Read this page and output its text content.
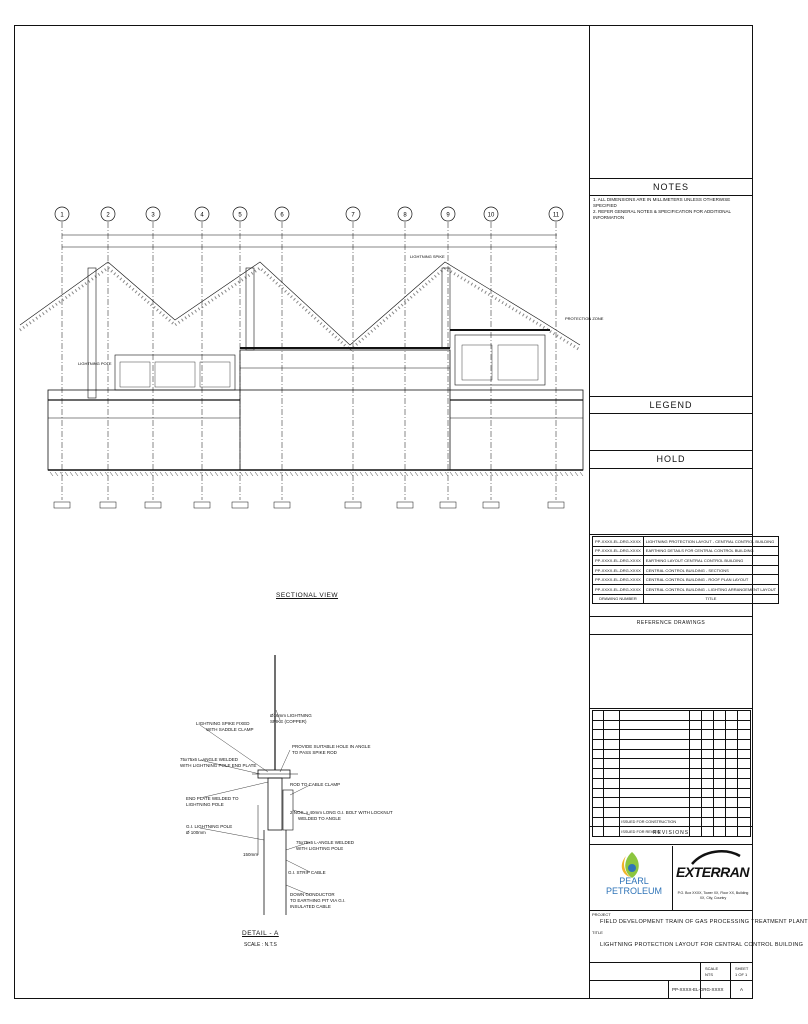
NOTES
1. ALL DIMENSIONS ARE IN MILLIMETERS UNLESS OTHERWISE SPECIFIED
2. REFER GENERAL NOTES & SPECIFICATION FOR ADDITIONAL INFORMATION
LEGEND
HOLD
PP-XXXX-EL-DRG-XXXX	LIGHTNING PROTECTION LAYOUT - CENTRAL CONTROL BUILDING
PP-XXXX-EL-DRG-XXXX	EARTHING DETAILS FOR CENTRAL CONTROL BUILDING
PP-XXXX-EL-DRG-XXXX	EARTHING LAYOUT CENTRAL CONTROL BUILDING
PP-XXXX-EL-DRG-XXXX	CENTRAL CONTROL BUILDING - SECTIONS
PP-XXXX-EL-DRG-XXXX	CENTRAL CONTROL BUILDING - ROOF PLAN LAYOUT
PP-XXXX-EL-DRG-XXXX	CENTRAL CONTROL BUILDING - LIGHTING ARRANGEMENT LAYOUT
DRAWING NUMBER	TITLE
REFERENCE DRAWINGS

		ISSUED FOR CONSTRUCTION					
		ISSUED FOR REVIEW					
REVISIONS
PEARL PETROLEUM
EXTERRAN
P.O. Box XXXX, Tower XX, Floor XX, Building XX, City, Country
PROJECT
FIELD DEVELOPMENT TRAIN OF GAS PROCESSING TREATMENT PLANT
TITLE
LIGHTNING PROTECTION LAYOUT FOR CENTRAL CONTROL BUILDING
SCALE	SHEET
NTS	1 OF 1
PP-XXXX-EL-DRG-XXXX	A
1	2	3	4	5	6	7	8	9	10	11
LIGHTNING POLE
LIGHTNING SPIKE
PROTECTION ZONE
SECTIONAL VIEW
Ø16mm LIGHTNING
SPIKE (COPPER)
LIGHTNING SPIKE FIXED
WITH SADDLE CLAMP
PROVIDE SUITABLE HOLE IN ANGLE
TO PASS SPIKE ROD
75x75x6 L-ANGLE WELDED
WITH LIGHTNING POLE END PLATE
ROD TO CABLE CLAMP
END PLATE WELDED TO
LIGHTNING POLE
2 NOS. x 40mm LONG G.I. BOLT WITH LOCKNUT
WELDED TO ANGLE
G.I. LIGHTNING POLE
Ø 100mm
75x75x6 L-ANGLE WELDED
WITH LIGHTING POLE
150mm
G.I. STRIP CABLE
DOWN CONDUCTOR
TO EARTHING PIT VIA G.I.
INSULATED CABLE
DETAIL - A
SCALE : N.T.S
